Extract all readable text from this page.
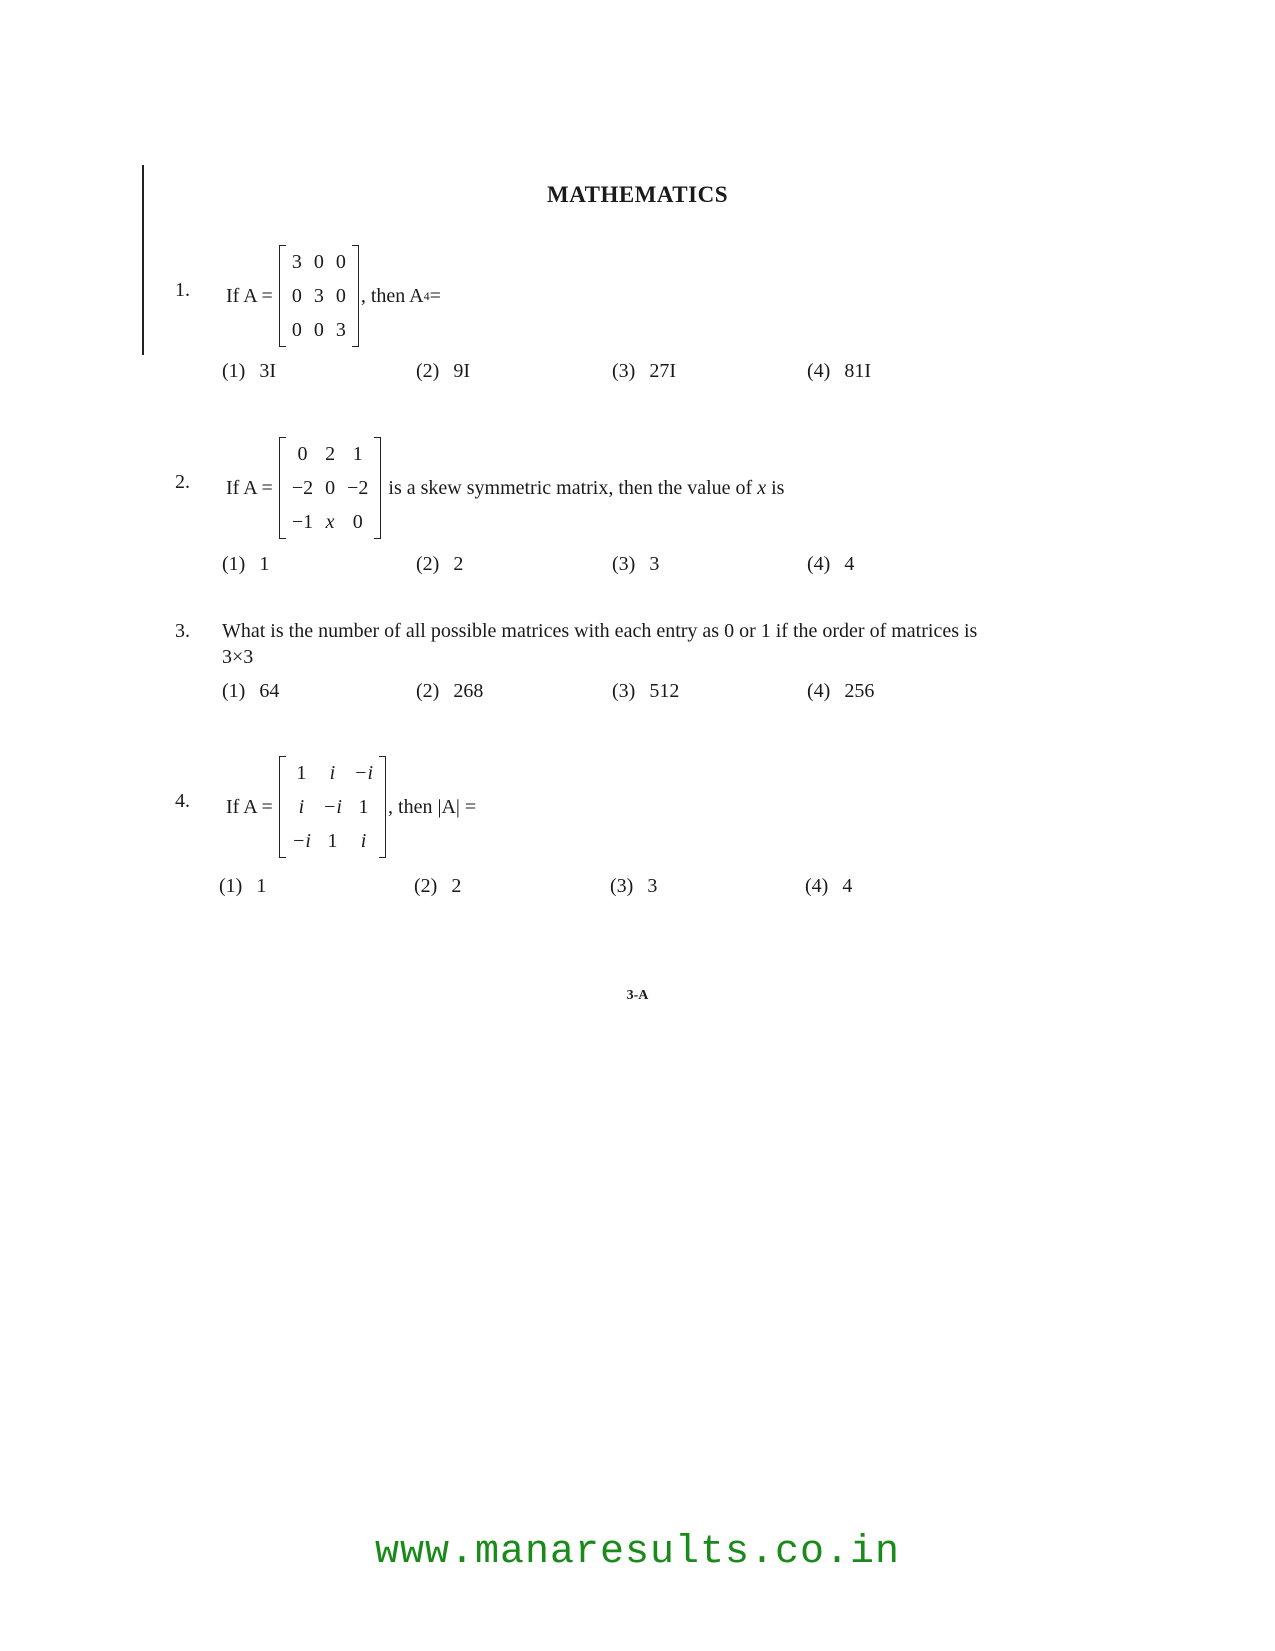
MATHEMATICS
1. If A =
3	0	0
0	3	0
0	0	3
, then A 4 =
(1) 3I	(2) 9I	(3) 27I	(4) 81I
2. If A =
0	2	1
−2	0	−2
−1	x	0
is a skew symmetric matrix, then the value of x is
(1) 1	(2) 2	(3) 3	(4) 4
3. What is the number of all possible matrices with each entry as 0 or 1 if the order of matrices is
3×3
(1) 64	(2) 268	(3) 512	(4) 256
4. If A =
1	i	−i
i	−i	1
−i	1	i
, then |A| =
(1) 1	(2) 2	(3) 3	(4) 4
3-A
www.manaresults.co.in
